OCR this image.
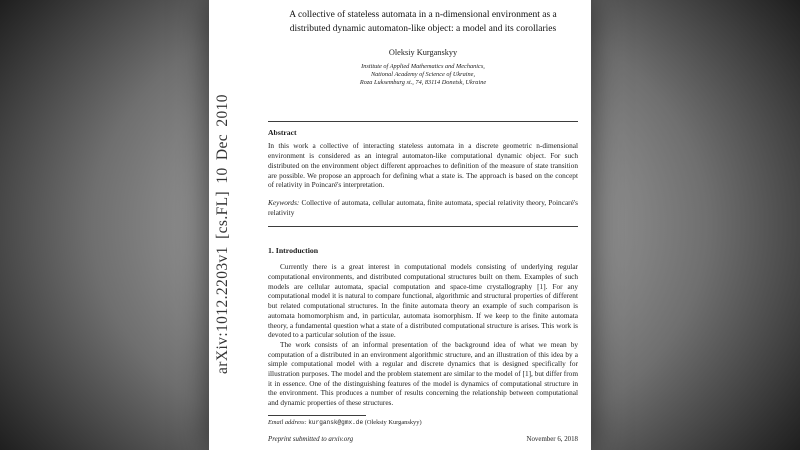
arXiv:1012.2203v1 [cs.FL] 10 Dec 2010
A collective of stateless automata in a n-dimensional environment as a distributed dynamic automaton-like object: a model and its corollaries
Oleksiy Kurganskyy
Institute of Applied Mathematics and Mechanics,
National Academy of Science of Ukraine,
Roza Luksemburg st., 74, 83114 Donetsk, Ukraine
Abstract
In this work a collective of interacting stateless automata in a discrete geometric n-dimensional environment is considered as an integral automaton-like computational dynamic object. For such distributed on the environment object different approaches to definition of the measure of state transition are possible. We propose an approach for defining what a state is. The approach is based on the concept of relativity in Poincaré's interpretation.
Keywords: Collective of automata, cellular automata, finite automata, special relativity theory, Poincaré's relativity
1. Introduction

Currently there is a great interest in computational models consisting of underlying regular computational environments, and distributed computational structures built on them. Examples of such models are cellular automata, spacial computation and space-time crystallography [1]. For any computational model it is natural to compare functional, algorithmic and structural properties of different but related computational structures. In the finite automata theory an example of such comparison is automata homomorphism and, in particular, automata isomorphism. If we keep to the finite automata theory, a fundamental question what a state of a distributed computational structure is arises. This work is devoted to a particular solution of the issue.

The work consists of an informal presentation of the background idea of what we mean by computation of a distributed in an environment algorithmic structure, and an illustration of this idea by a simple computational model with a regular and discrete dynamics that is designed specifically for illustration purposes. The model and the problem statement are similar to the model of [1], but differ from it in essence. One of the distinguishing features of the model is dynamics of computational structure in the environment. This produces a number of results concerning the relationship between computational and dynamic properties of these structures.

Email address: kurgansk@gmx.de (Oleksiy Kurganskyy)
Preprint submitted to arxiv.org	November 6, 2018
